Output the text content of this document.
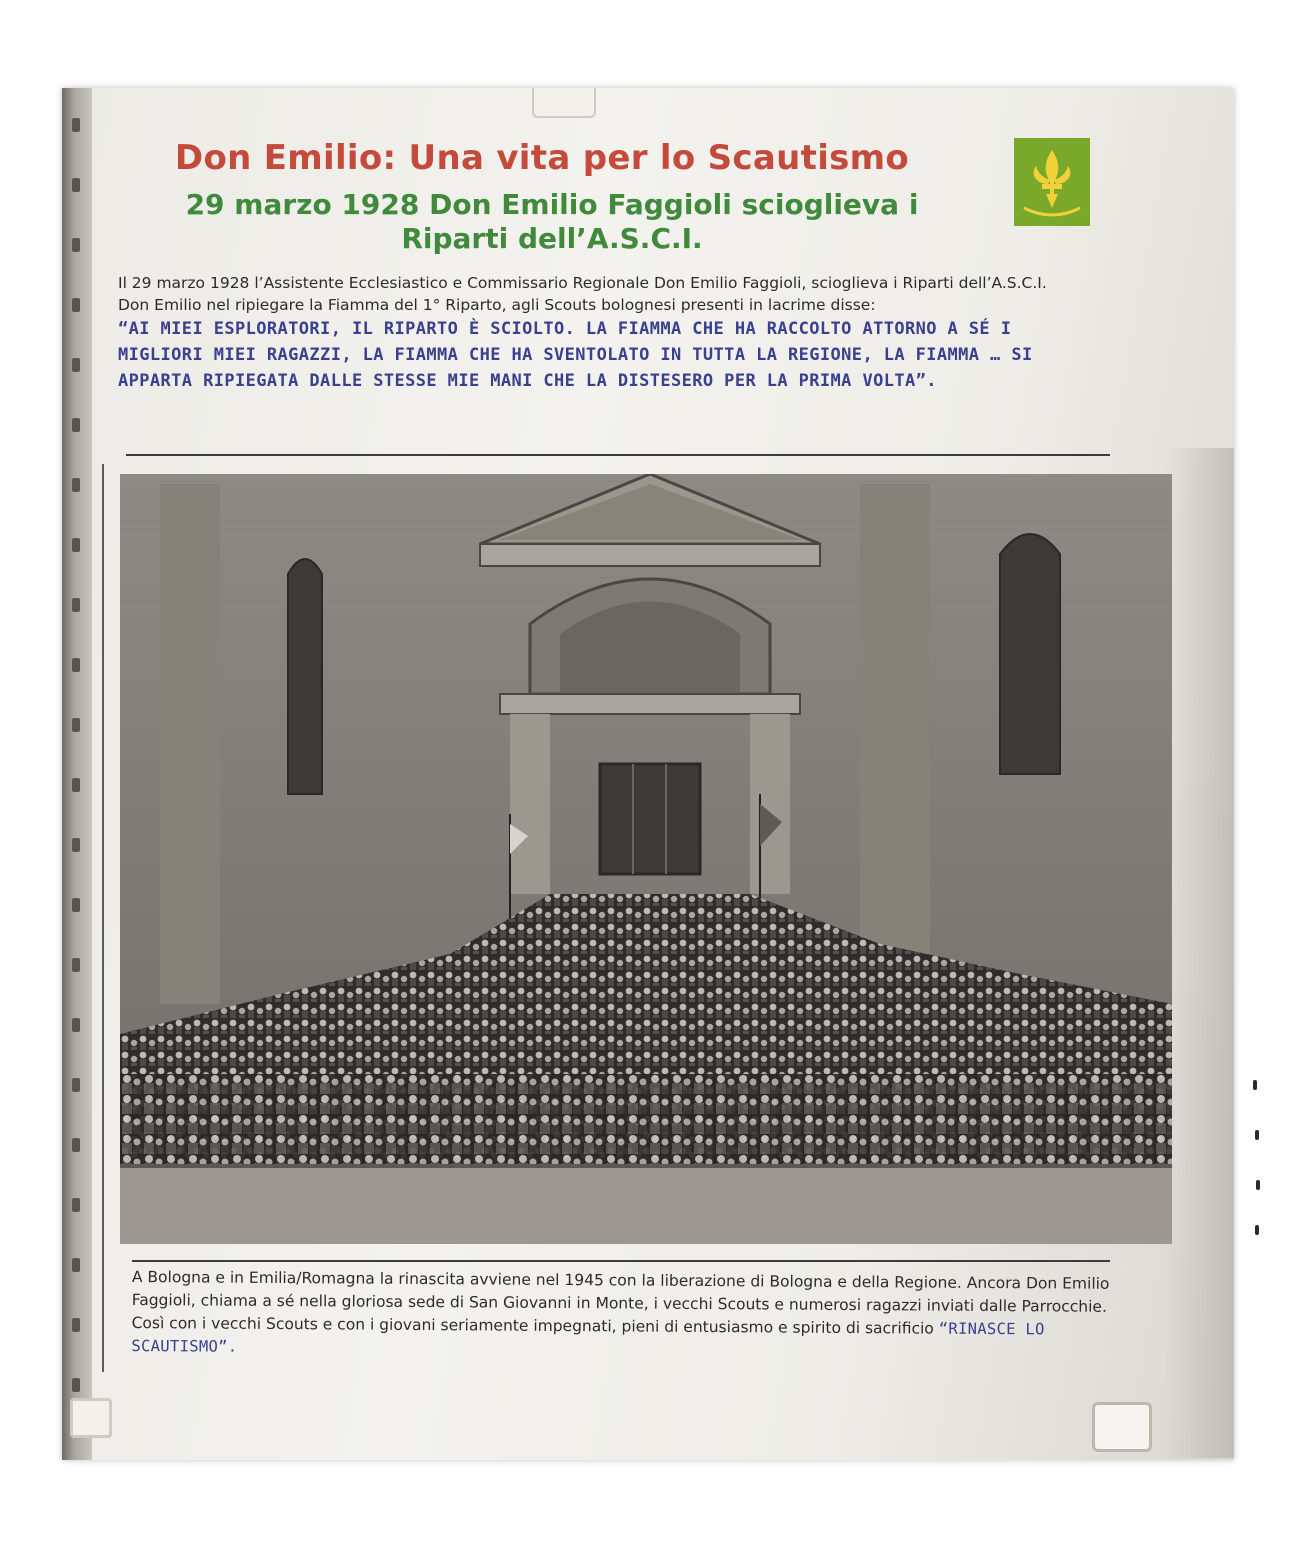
Don Emilio: Una vita per lo Scautismo
29 marzo 1928 Don Emilio Faggioli scioglieva i
Riparti dell’A.S.C.I.
Il 29 marzo 1928 l’Assistente Ecclesiastico e Commissario Regionale Don Emilio Faggioli, scioglieva i Riparti dell’A.S.C.I.
Don Emilio nel ripiegare la Fiamma del 1° Riparto, agli Scouts bolognesi presenti in lacrime disse:
“AI MIEI ESPLORATORI, IL RIPARTO È SCIOLTO. LA FIAMMA CHE HA RACCOLTO ATTORNO A SÉ I MIGLIORI MIEI RAGAZZI, LA FIAMMA CHE HA SVENTOLATO IN TUTTA LA REGIONE, LA FIAMMA … SI APPARTA RIPIEGATA DALLE STESSE MIE MANI CHE LA DISTESERO PER LA PRIMA VOLTA”.
A Bologna e in Emilia/Romagna la rinascita avviene nel 1945 con la liberazione di Bologna e della Regione. Ancora Don Emilio Faggioli, chiama a sé nella gloriosa sede di San Giovanni in Monte, i vecchi Scouts e numerosi ragazzi inviati dalle Parrocchie.
Così con i vecchi Scouts e con i giovani seriamente impegnati, pieni di entusiasmo e spirito di sacrificio “RINASCE LO SCAUTISMO”.
